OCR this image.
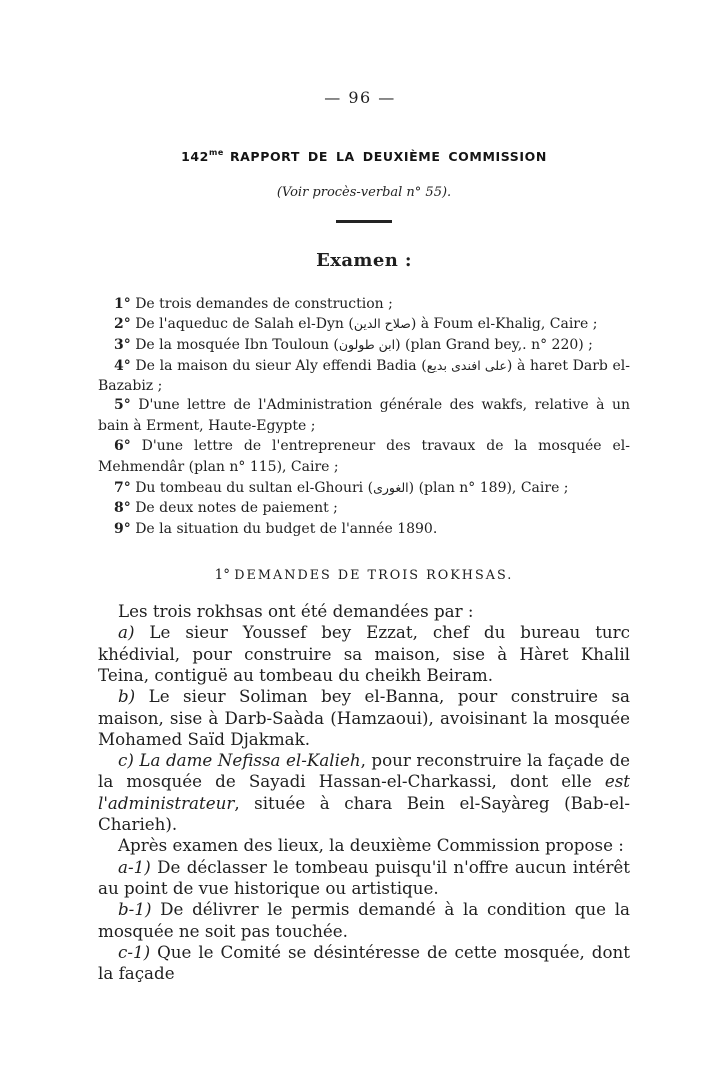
— 96 —
$142^{me}$ RAPPORT DE LA DEUXIÈME COMMISSION
(Voir procès-verbal n° 55).
Examen :
1° De trois demandes de construction ;
2° De l'aqueduc de Salah el-Dyn (صلاح الدين) à Foum el-Khalig, Caire ;
3° De la mosquée Ibn Touloun (ابن طولون) (plan Grand bey,. n° 220) ;
4° De la maison du sieur Aly effendi Badia (على افندى بديع) à haret Darb el-Bazabiz ;
5° D'une lettre de l'Administration générale des wakfs, relative à un bain à Erment, Haute-Egypte ;
6° D'une lettre de l'entrepreneur des travaux de la mosquée el-Mehmendâr (plan n° 115), Caire ;
7° Du tombeau du sultan el-Ghouri (الغورى) (plan n° 189), Caire ;
8° De deux notes de paiement ;
9° De la situation du budget de l'année 1890.
1° DEMANDES DE TROIS ROKHSAS.

Les trois rokhsas ont été demandées par :

a) Le sieur Youssef bey Ezzat, chef du bureau turc khédivial, pour construire sa maison, sise à Hàret Khalil Teina, contiguë au tombeau du cheikh Beiram.

b) Le sieur Soliman bey el-Banna, pour construire sa maison, sise à Darb-Saàda (Hamzaoui), avoisinant la mosquée Mohamed Saïd Djakmak.

c) La dame Nefissa el-Kalieh, pour reconstruire la façade de la mosquée de Sayadi Hassan-el-Charkassi, dont elle est l'administrateur, située à chara Bein el-Sayàreg (Bab-el-Charieh).

Après examen des lieux, la deuxième Commission propose :

a-1) De déclasser le tombeau puisqu'il n'offre aucun intérêt au point de vue historique ou artistique.

b-1) De délivrer le permis demandé à la condition que la mosquée ne soit pas touchée.

c-1) Que le Comité se désintéresse de cette mosquée, dont la façade
